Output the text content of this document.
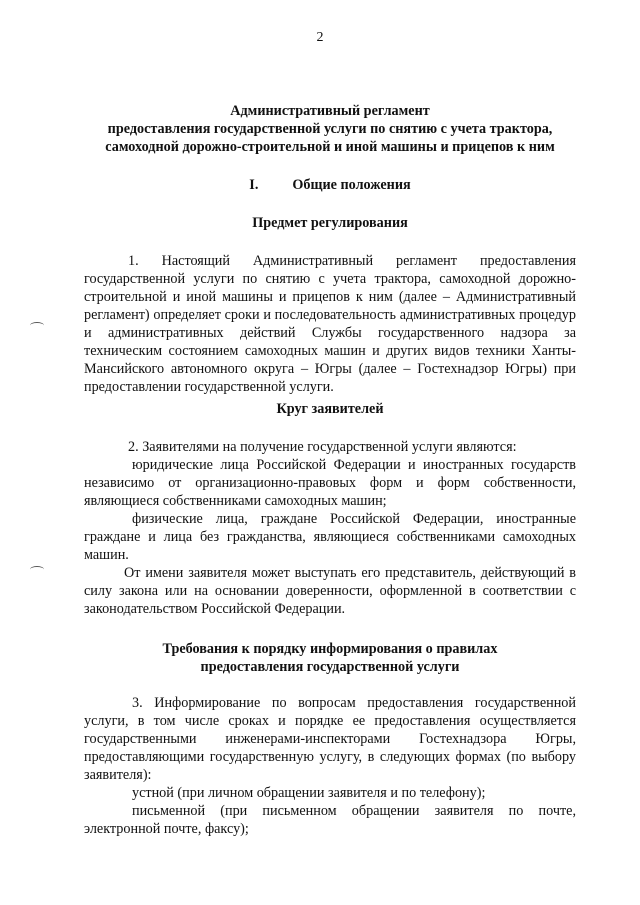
2
Административный регламент
предоставления государственной услуги по снятию с учета трактора,
самоходной дорожно-строительной и иной машины и прицепов к ним
I. Общие положения
Предмет регулирования

1. Настоящий Административный регламент предоставления государственной услуги по снятию с учета трактора, самоходной дорожно-строительной и иной машины и прицепов к ним (далее – Административный регламент) определяет сроки и последовательность административных процедур и административных действий Службы государственного надзора за техническим состоянием самоходных машин и других видов техники Ханты-Мансийского автономного округа – Югры (далее – Гостехнадзор Югры) при предоставлении государственной услуги.

Круг заявителей

2. Заявителями на получение государственной услуги являются:

юридические лица Российской Федерации и иностранных государств независимо от организационно-правовых форм и форм собственности, являющиеся собственниками самоходных машин;

физические лица, граждане Российской Федерации, иностранные граждане и лица без гражданства, являющиеся собственниками самоходных машин.

От имени заявителя может выступать его представитель, действующий в силу закона или на основании доверенности, оформленной в соответствии с законодательством Российской Федерации.

Требования к порядку информирования о правилах
предоставления государственной услуги

3. Информирование по вопросам предоставления государственной услуги, в том числе сроках и порядке ее предоставления осуществляется государственными инженерами-инспекторами Гостехнадзора Югры, предоставляющими государственную услугу, в следующих формах (по выбору заявителя):

устной (при личном обращении заявителя и по телефону);

письменной (при письменном обращении заявителя по почте, электронной почте, факсу);
